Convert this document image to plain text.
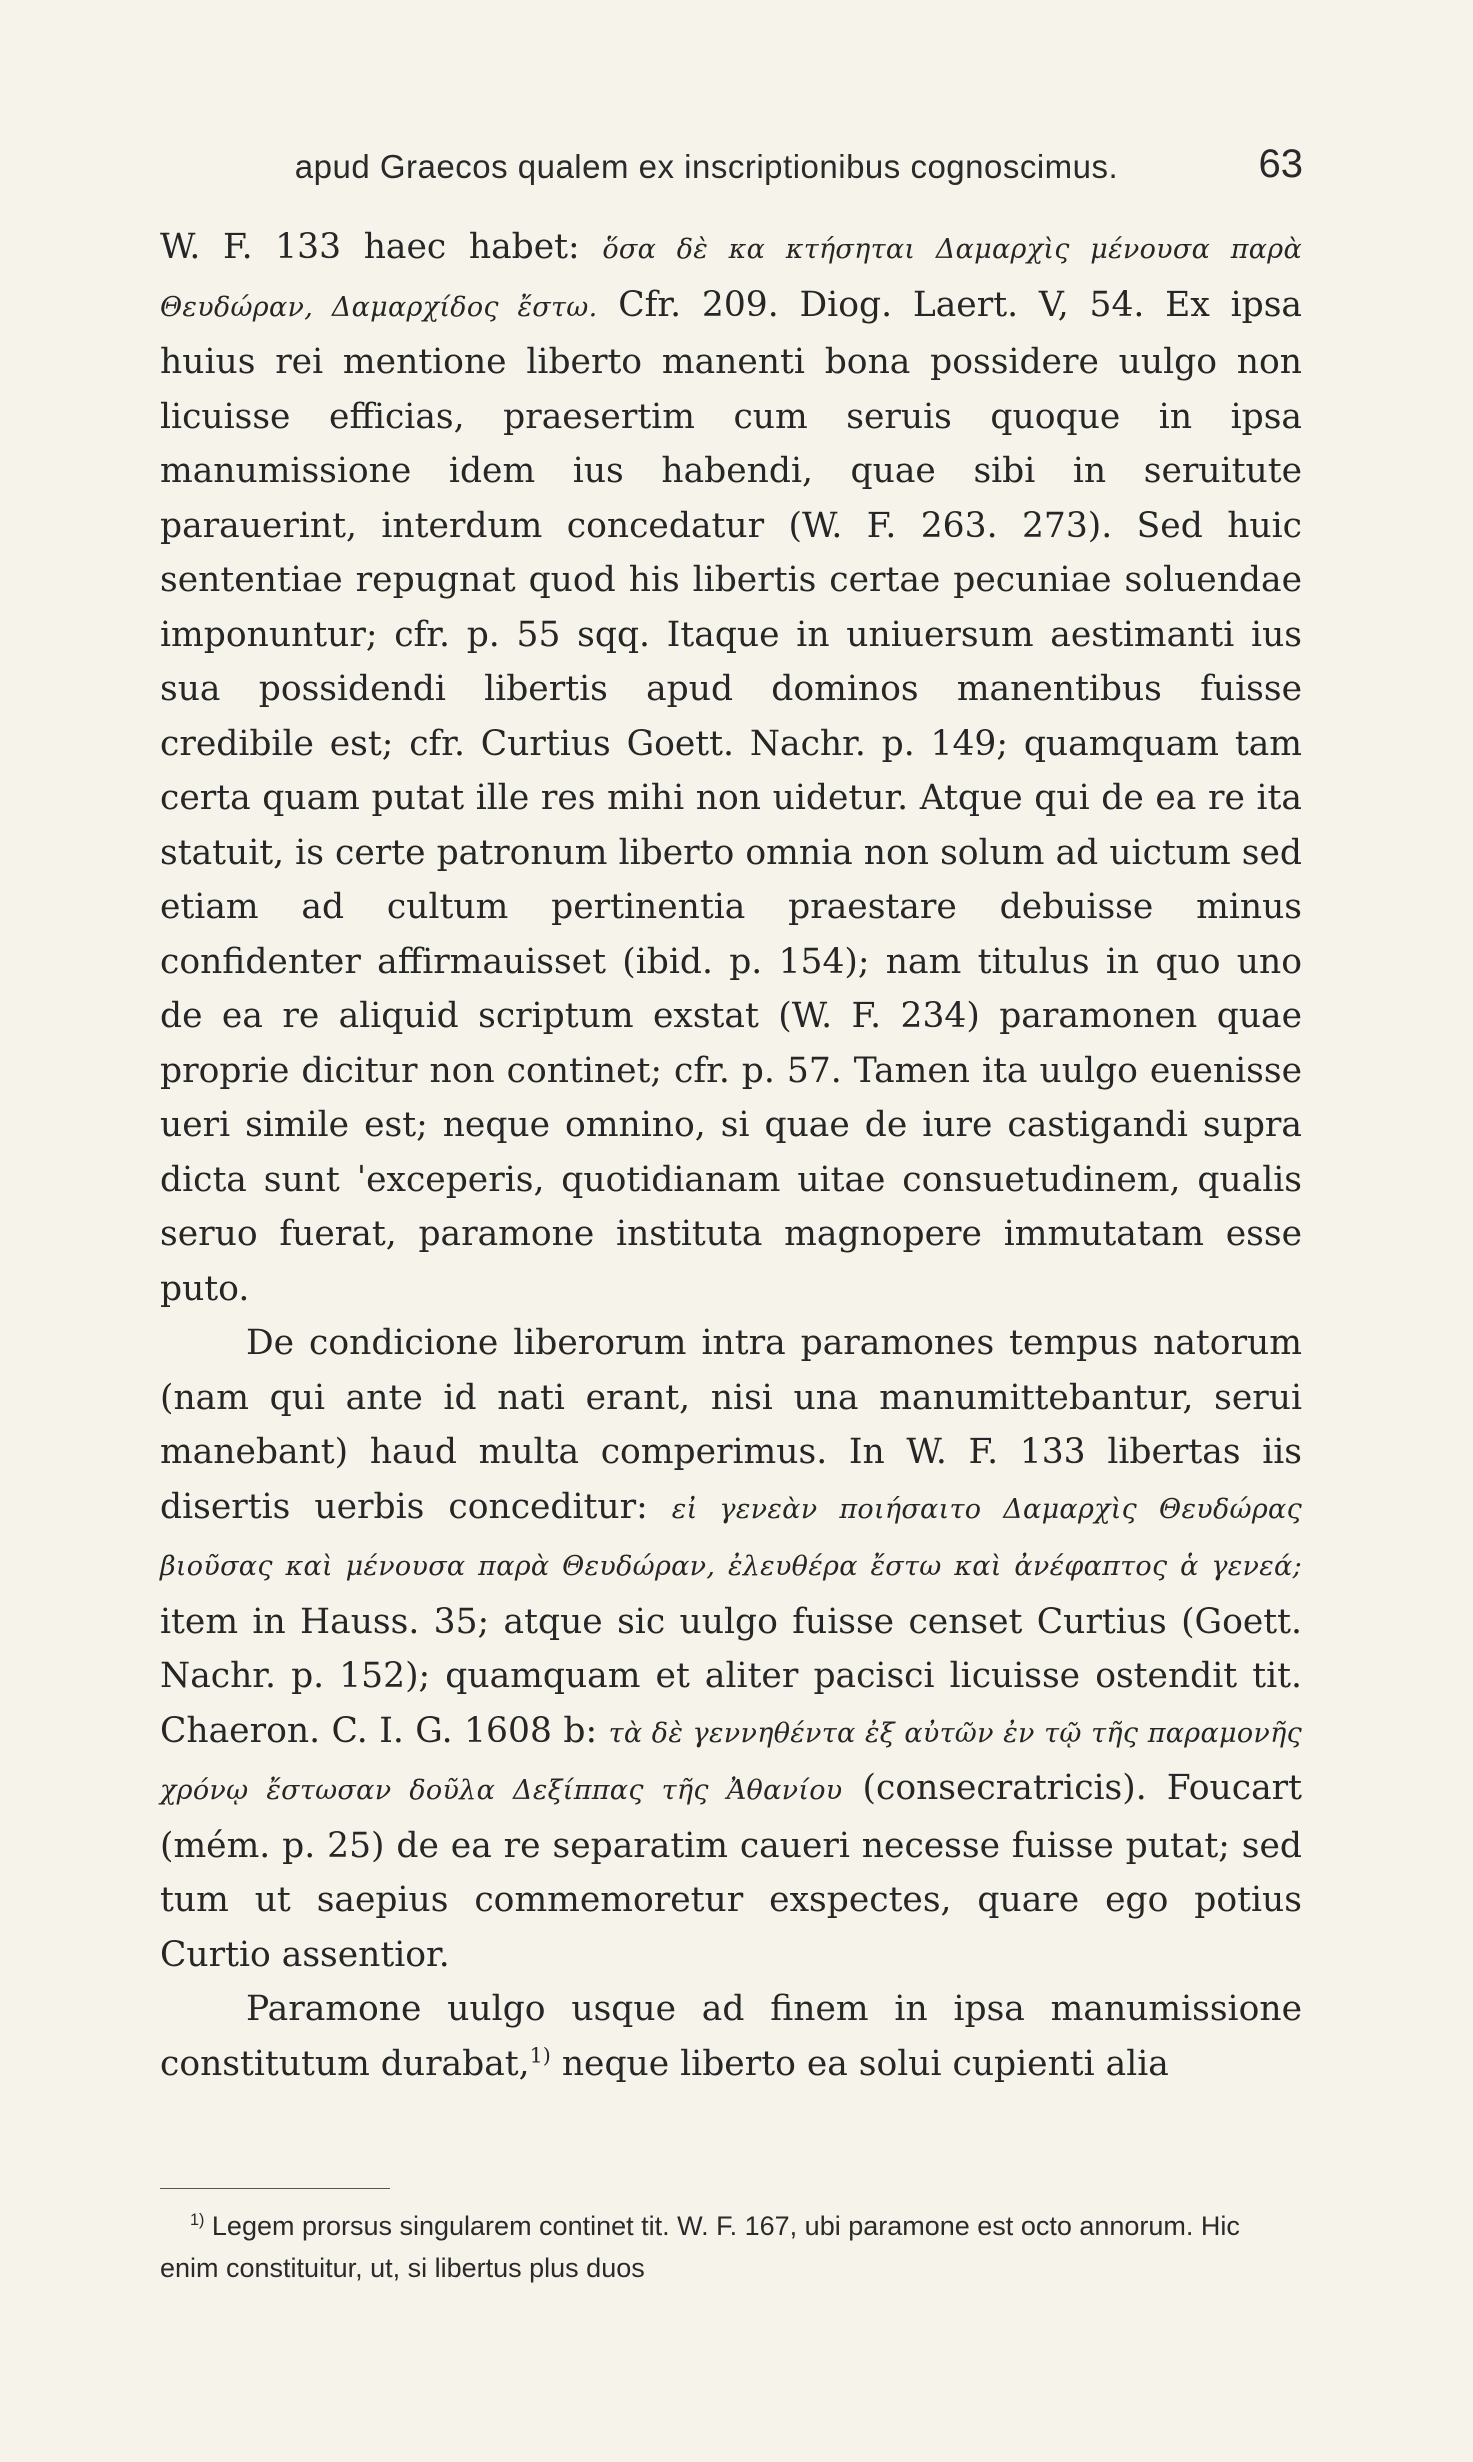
apud Graecos qualem ex inscriptionibus cognoscimus.	63

W. F. 133 haec habet: ὅσα δὲ κα κτήσηται Δαμαρχὶς μένουσα παρὰ Θευδώραν, Δαμαρχίδος ἔστω. Cfr. 209. Diog. Laert. V, 54. Ex ipsa huius rei mentione liberto manenti bona possidere uulgo non licuisse efficias, praesertim cum seruis quoque in ipsa manumissione idem ius habendi, quae sibi in seruitute parauerint, interdum concedatur (W. F. 263. 273). Sed huic sententiae repugnat quod his libertis certae pecuniae soluendae imponuntur; cfr. p. 55 sqq. Itaque in uniuersum aestimanti ius sua possidendi libertis apud dominos manentibus fuisse credibile est; cfr. Curtius Goett. Nachr. p. 149; quamquam tam certa quam putat ille res mihi non uidetur. Atque qui de ea re ita statuit, is certe patronum liberto omnia non solum ad uictum sed etiam ad cultum pertinentia praestare debuisse minus confidenter affirmauisset (ibid. p. 154); nam titulus in quo uno de ea re aliquid scriptum exstat (W. F. 234) paramonen quae proprie dicitur non continet; cfr. p. 57. Tamen ita uulgo euenisse ueri simile est; neque omnino, si quae de iure castigandi supra dicta sunt ˈexceperis, quotidianam uitae consuetudinem, qualis seruo fuerat, paramone instituta magnopere immutatam esse puto.

De condicione liberorum intra paramones tempus natorum (nam qui ante id nati erant, nisi una manumittebantur, serui manebant) haud multa comperimus. In W. F. 133 libertas iis disertis uerbis conceditur: εἰ γενεὰν ποιήσαιτο Δαμαρχὶς Θευδώρας βιοῦσας καὶ μένουσα παρὰ Θευδώραν, ἐλευθέρα ἔστω καὶ ἀνέφαπτος ἁ γενεά; item in Hauss. 35; atque sic uulgo fuisse censet Curtius (Goett. Nachr. p. 152); quamquam et aliter pacisci licuisse ostendit tit. Chaeron. C. I. G. 1608 b: τὰ δὲ γεννηθέντα ἐξ αὐτῶν ἐν τῷ τῆς παραμονῆς χρόνῳ ἔστωσαν δοῦλα Δεξίππας τῆς Ἀθανίου (consecratricis). Foucart (mém. p. 25) de ea re separatim caueri necesse fuisse putat; sed tum ut saepius commemoretur exspectes, quare ego potius Curtio assentior.

Paramone uulgo usque ad finem in ipsa manumissione constitutum durabat,$^{1)}$ neque liberto ea solui cupienti alia

$^{1)}$ Legem prorsus singularem continet tit. W. F. 167, ubi paramone est octo annorum. Hic enim constituitur, ut, si libertus plus duos
